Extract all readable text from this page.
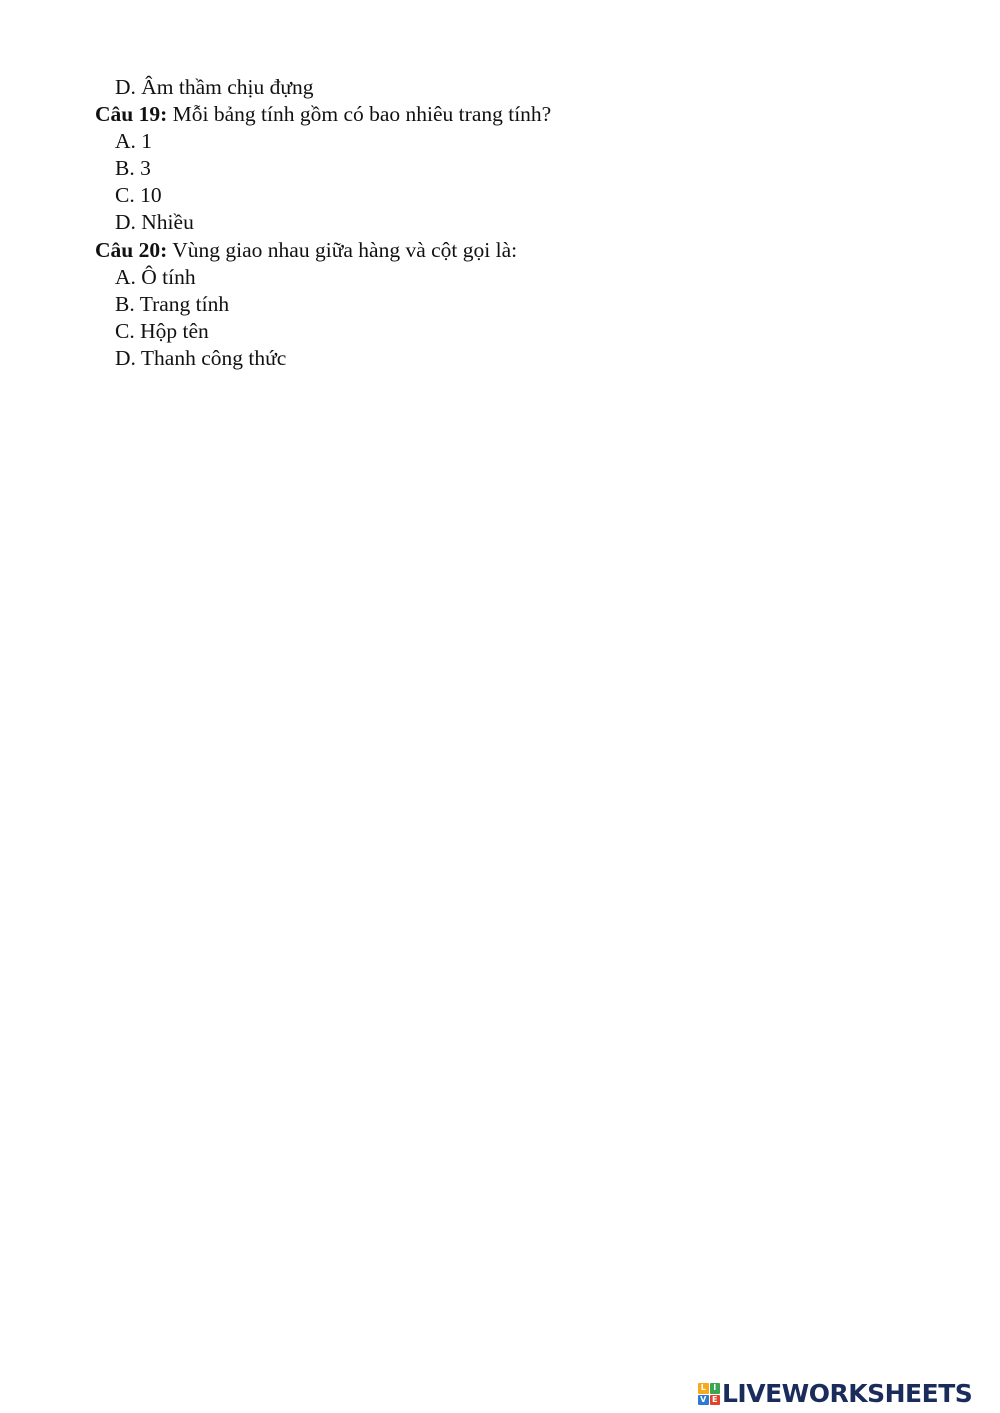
D. Âm thầm chịu đựng
Câu 19: Mỗi bảng tính gồm có bao nhiêu trang tính?
A. 1
B. 3
C. 10
D. Nhiều
Câu 20: Vùng giao nhau giữa hàng và cột gọi là:
A. Ô tính
B. Trang tính
C. Hộp tên
D. Thanh công thức
L I
V E LIVEWORKSHEETS
